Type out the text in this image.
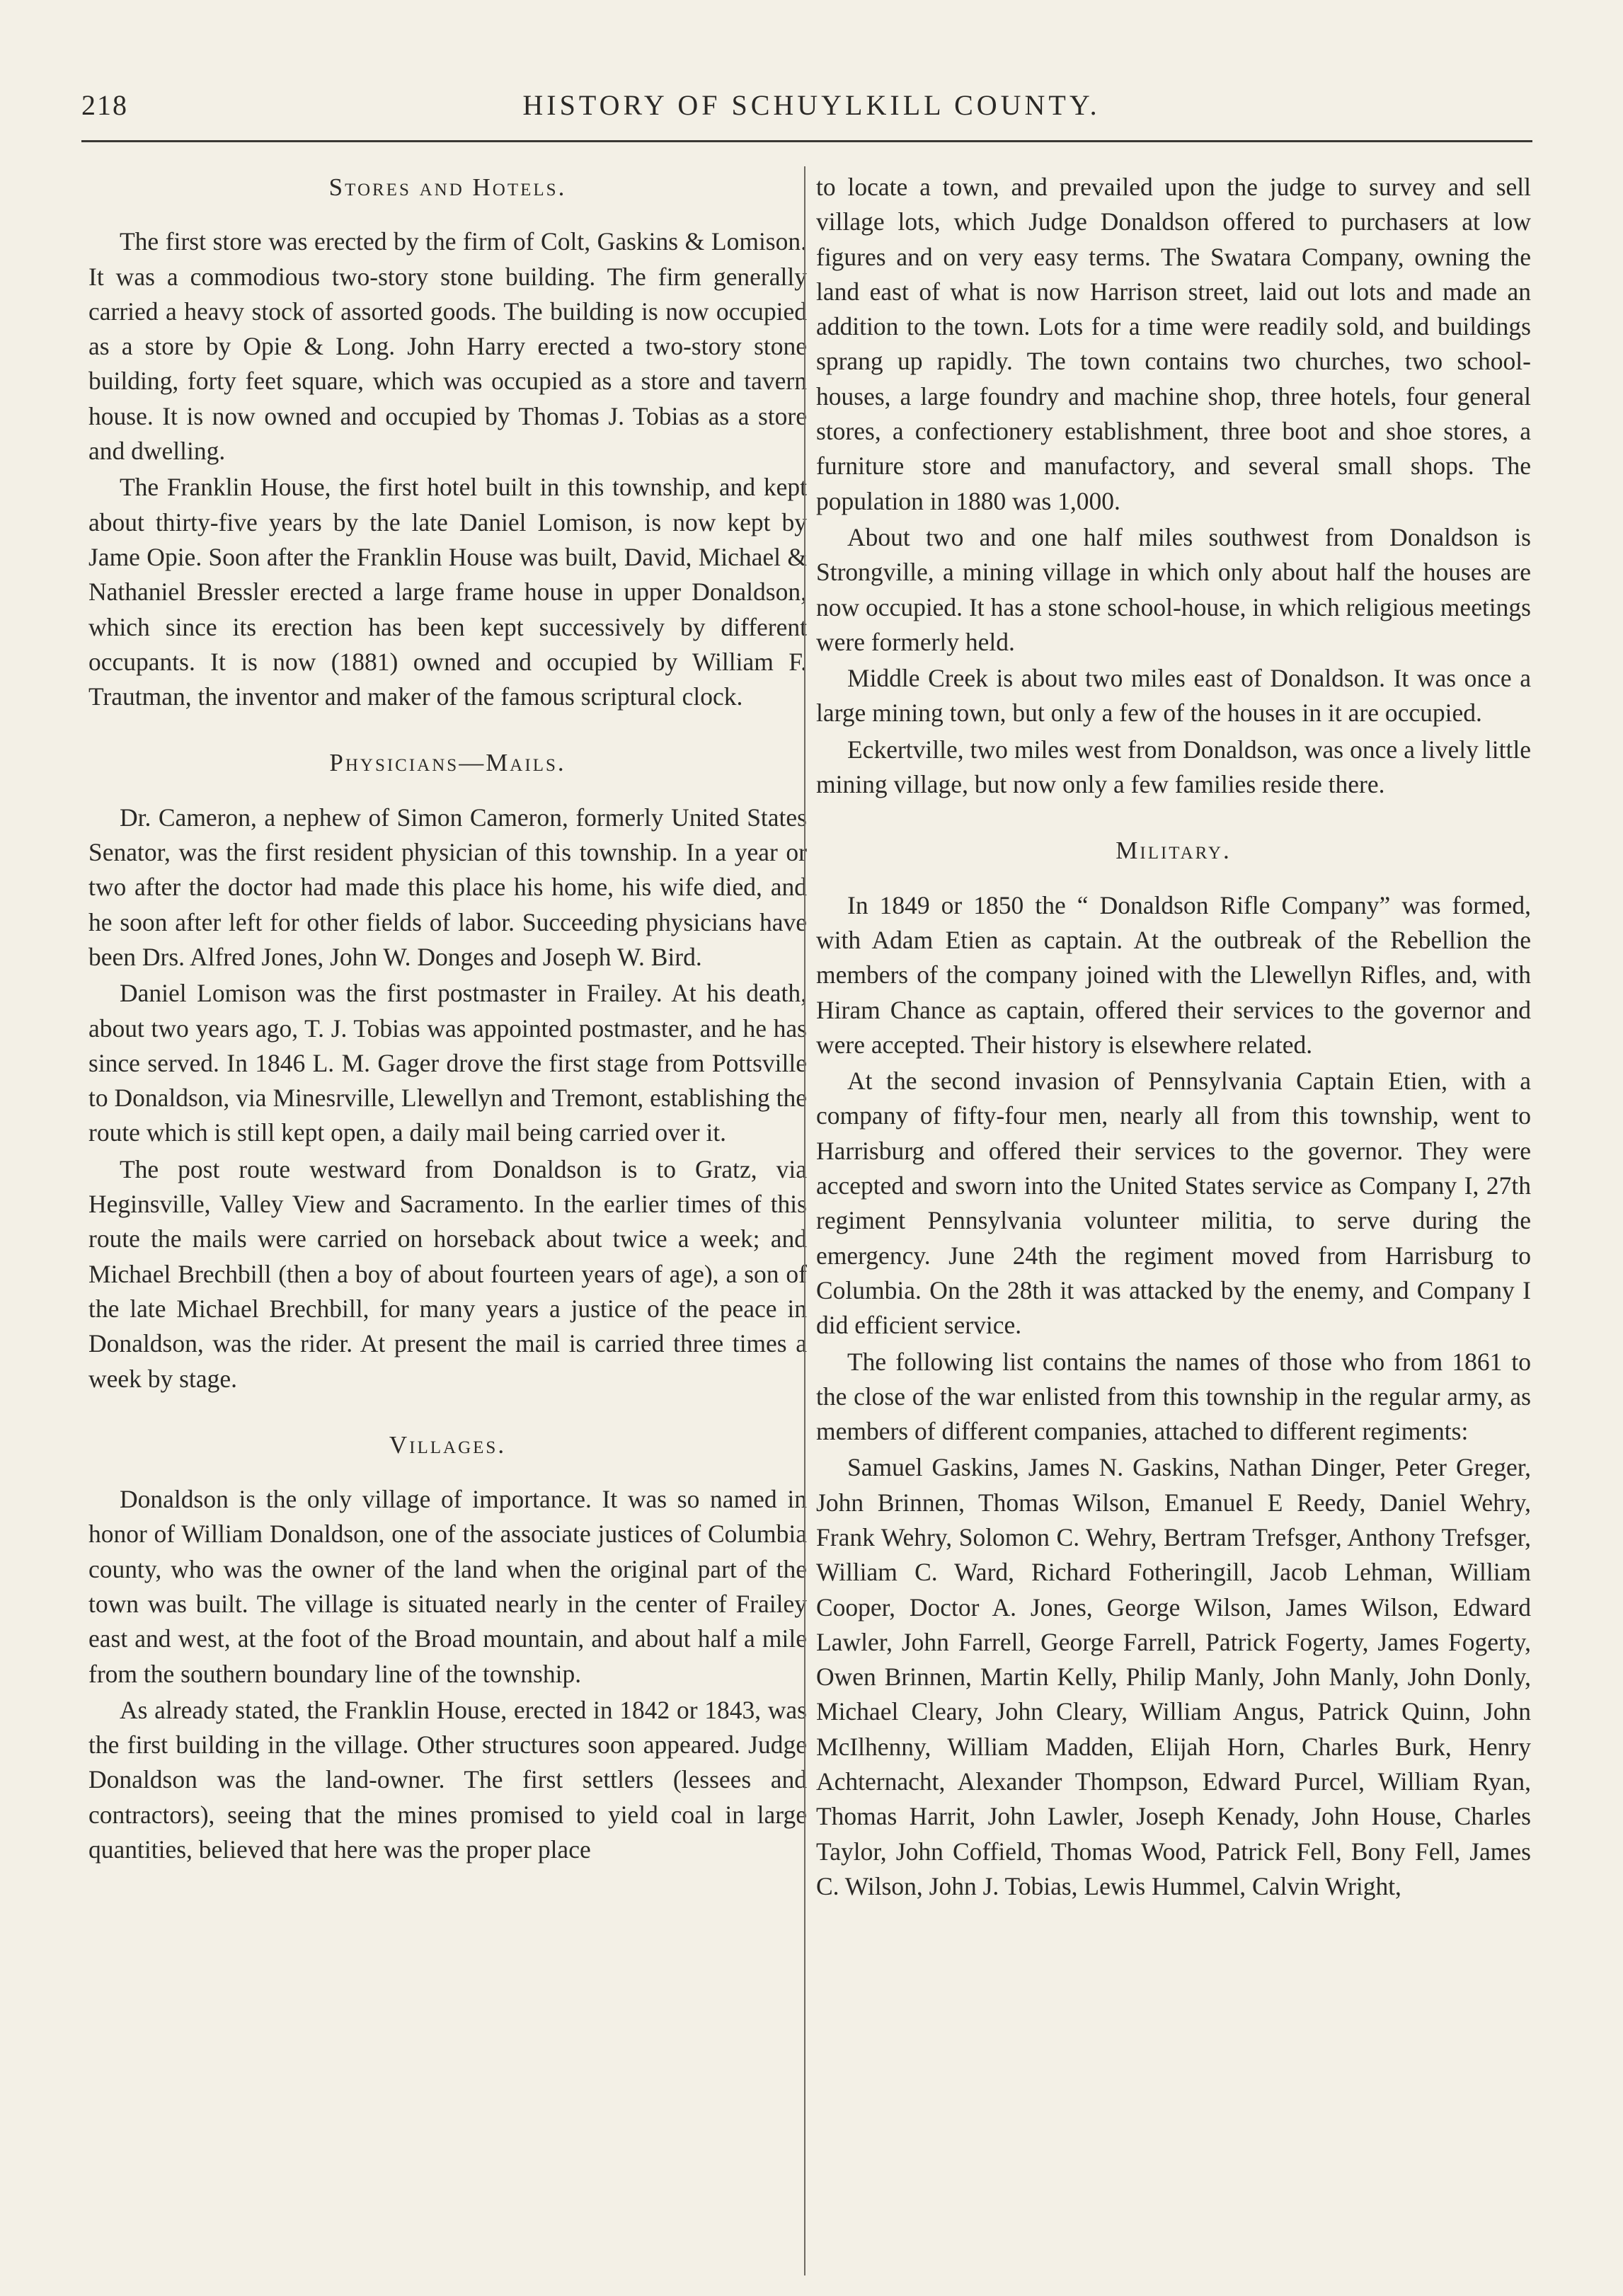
218	HISTORY OF SCHUYLKILL COUNTY.
Stores and Hotels.

The first store was erected by the firm of Colt, Gaskins & Lomison. It was a commodious two-story stone building. The firm generally carried a heavy stock of assorted goods. The building is now occupied as a store by Opie & Long. John Harry erected a two-story stone building, forty feet square, which was occupied as a store and tavern house. It is now owned and occupied by Thomas J. Tobias as a store and dwelling.

The Franklin House, the first hotel built in this township, and kept about thirty-five years by the late Daniel Lomison, is now kept by Jame Opie. Soon after the Franklin House was built, David, Michael & Nathaniel Bressler erected a large frame house in upper Donaldson, which since its erection has been kept successively by different occupants. It is now (1881) owned and occupied by William F. Trautman, the inventor and maker of the famous scriptural clock.

Physicians—Mails.

Dr. Cameron, a nephew of Simon Cameron, formerly United States Senator, was the first resident physician of this township. In a year or two after the doctor had made this place his home, his wife died, and he soon after left for other fields of labor. Succeeding physicians have been Drs. Alfred Jones, John W. Donges and Joseph W. Bird.

Daniel Lomison was the first postmaster in Frailey. At his death, about two years ago, T. J. Tobias was appointed postmaster, and he has since served. In 1846 L. M. Gager drove the first stage from Pottsville to Donaldson, via Minesrville, Llewellyn and Tremont, establishing the route which is still kept open, a daily mail being carried over it.

The post route westward from Donaldson is to Gratz, via Heginsville, Valley View and Sacramento. In the earlier times of this route the mails were carried on horseback about twice a week; and Michael Brechbill (then a boy of about fourteen years of age), a son of the late Michael Brechbill, for many years a justice of the peace in Donaldson, was the rider. At present the mail is carried three times a week by stage.

Villages.

Donaldson is the only village of importance. It was so named in honor of William Donaldson, one of the associate justices of Columbia county, who was the owner of the land when the original part of the town was built. The village is situated nearly in the center of Frailey east and west, at the foot of the Broad mountain, and about half a mile from the southern boundary line of the township.

As already stated, the Franklin House, erected in 1842 or 1843, was the first building in the village. Other structures soon appeared. Judge Donaldson was the land-owner. The first settlers (lessees and contractors), seeing that the mines promised to yield coal in large quantities, believed that here was the proper place

to locate a town, and prevailed upon the judge to survey and sell village lots, which Judge Donaldson offered to purchasers at low figures and on very easy terms. The Swatara Company, owning the land east of what is now Harrison street, laid out lots and made an addition to the town. Lots for a time were readily sold, and buildings sprang up rapidly. The town contains two churches, two school-houses, a large foundry and machine shop, three hotels, four general stores, a confectionery establishment, three boot and shoe stores, a furniture store and manufactory, and several small shops. The population in 1880 was 1,000.

About two and one half miles southwest from Donaldson is Strongville, a mining village in which only about half the houses are now occupied. It has a stone school-house, in which religious meetings were formerly held.

Middle Creek is about two miles east of Donaldson. It was once a large mining town, but only a few of the houses in it are occupied.

Eckertville, two miles west from Donaldson, was once a lively little mining village, but now only a few families reside there.

Military.

In 1849 or 1850 the “ Donaldson Rifle Company” was formed, with Adam Etien as captain. At the outbreak of the Rebellion the members of the company joined with the Llewellyn Rifles, and, with Hiram Chance as captain, offered their services to the governor and were accepted. Their history is elsewhere related.

At the second invasion of Pennsylvania Captain Etien, with a company of fifty-four men, nearly all from this township, went to Harrisburg and offered their services to the governor. They were accepted and sworn into the United States service as Company I, 27th regiment Pennsylvania volunteer militia, to serve during the emergency. June 24th the regiment moved from Harrisburg to Columbia. On the 28th it was attacked by the enemy, and Company I did efficient service.

The following list contains the names of those who from 1861 to the close of the war enlisted from this township in the regular army, as members of different companies, attached to different regiments:

Samuel Gaskins, James N. Gaskins, Nathan Dinger, Peter Greger, John Brinnen, Thomas Wilson, Emanuel E Reedy, Daniel Wehry, Frank Wehry, Solomon C. Wehry, Bertram Trefsger, Anthony Trefsger, William C. Ward, Richard Fotheringill, Jacob Lehman, William Cooper, Doctor A. Jones, George Wilson, James Wilson, Edward Lawler, John Farrell, George Farrell, Patrick Fogerty, James Fogerty, Owen Brinnen, Martin Kelly, Philip Manly, John Manly, John Donly, Michael Cleary, John Cleary, William Angus, Patrick Quinn, John McIlhenny, William Madden, Elijah Horn, Charles Burk, Henry Achternacht, Alexander Thompson, Edward Purcel, William Ryan, Thomas Harrit, John Lawler, Joseph Kenady, John House, Charles Taylor, John Coffield, Thomas Wood, Patrick Fell, Bony Fell, James C. Wilson, John J. Tobias, Lewis Hummel, Calvin Wright,
